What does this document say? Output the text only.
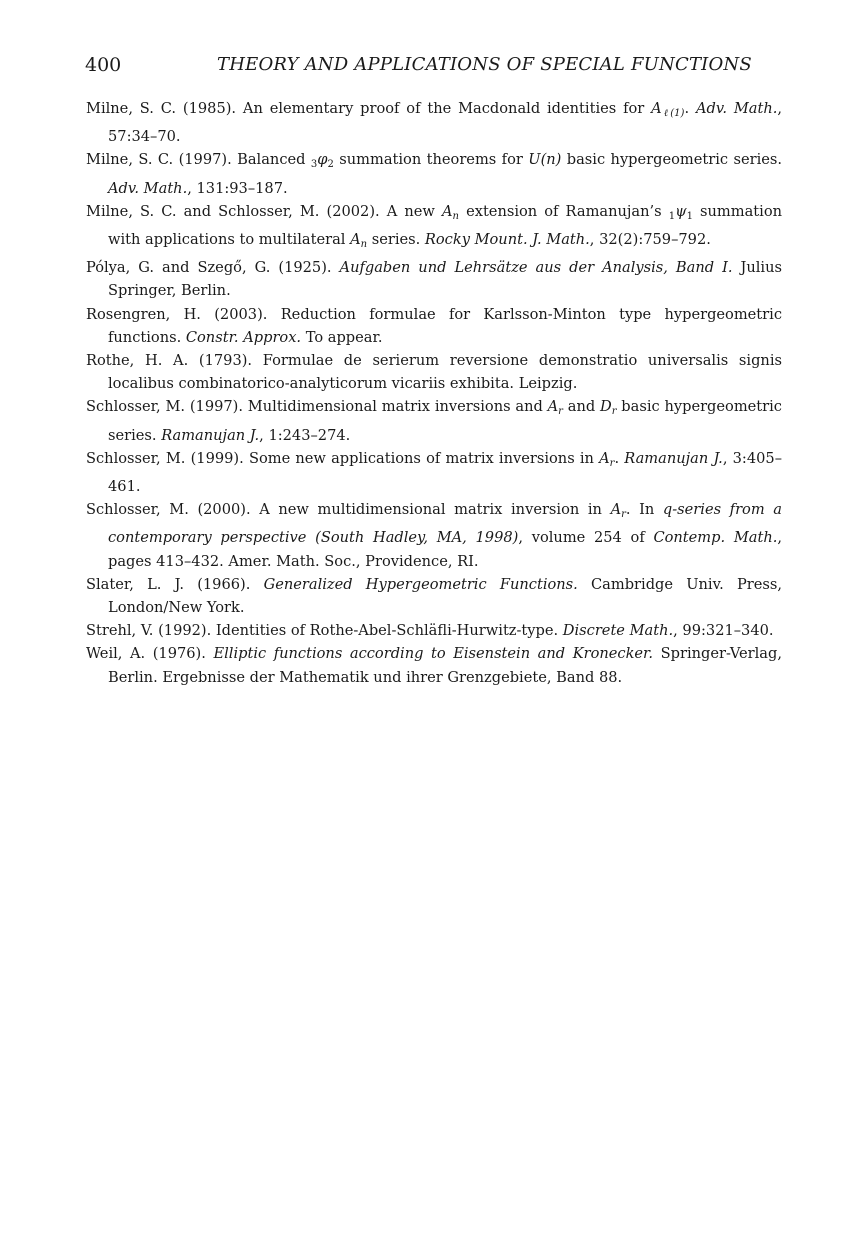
400	THEORY AND APPLICATIONS OF SPECIAL FUNCTIONS
Milne, S. C. (1985). An elementary proof of the Macdonald identities for $A_{\ell(1)}$. Adv. Math., 57:34–70.
Milne, S. C. (1997). Balanced $_3\varphi_2$ summation theorems for U(n) basic hypergeometric series. Adv. Math., 131:93–187.
Milne, S. C. and Schlosser, M. (2002). A new $A_n$ extension of Ramanujan’s $_1\psi_1$ summation with applications to multilateral $A_n$ series. Rocky Mount. J. Math., 32(2):759–792.
Pólya, G. and Szegő, G. (1925). Aufgaben und Lehrsätze aus der Analysis, Band I. Julius Springer, Berlin.
Rosengren, H. (2003). Reduction formulae for Karlsson-Minton type hypergeometric functions. Constr. Approx. To appear.
Rothe, H. A. (1793). Formulae de serierum reversione demonstratio universalis signis localibus combinatorico-analyticorum vicariis exhibita. Leipzig.
Schlosser, M. (1997). Multidimensional matrix inversions and $A_r$ and $D_r$ basic hypergeometric series. Ramanujan J., 1:243–274.
Schlosser, M. (1999). Some new applications of matrix inversions in $A_r$. Ramanujan J., 3:405–461.
Schlosser, M. (2000). A new multidimensional matrix inversion in $A_r$. In q-series from a contemporary perspective (South Hadley, MA, 1998), volume 254 of Contemp. Math., pages 413–432. Amer. Math. Soc., Providence, RI.
Slater, L. J. (1966). Generalized Hypergeometric Functions. Cambridge Univ. Press, London/New York.
Strehl, V. (1992). Identities of Rothe-Abel-Schläfli-Hurwitz-type. Discrete Math., 99:321–340.
Weil, A. (1976). Elliptic functions according to Eisenstein and Kronecker. Springer-Verlag, Berlin. Ergebnisse der Mathematik und ihrer Grenzgebiete, Band 88.
